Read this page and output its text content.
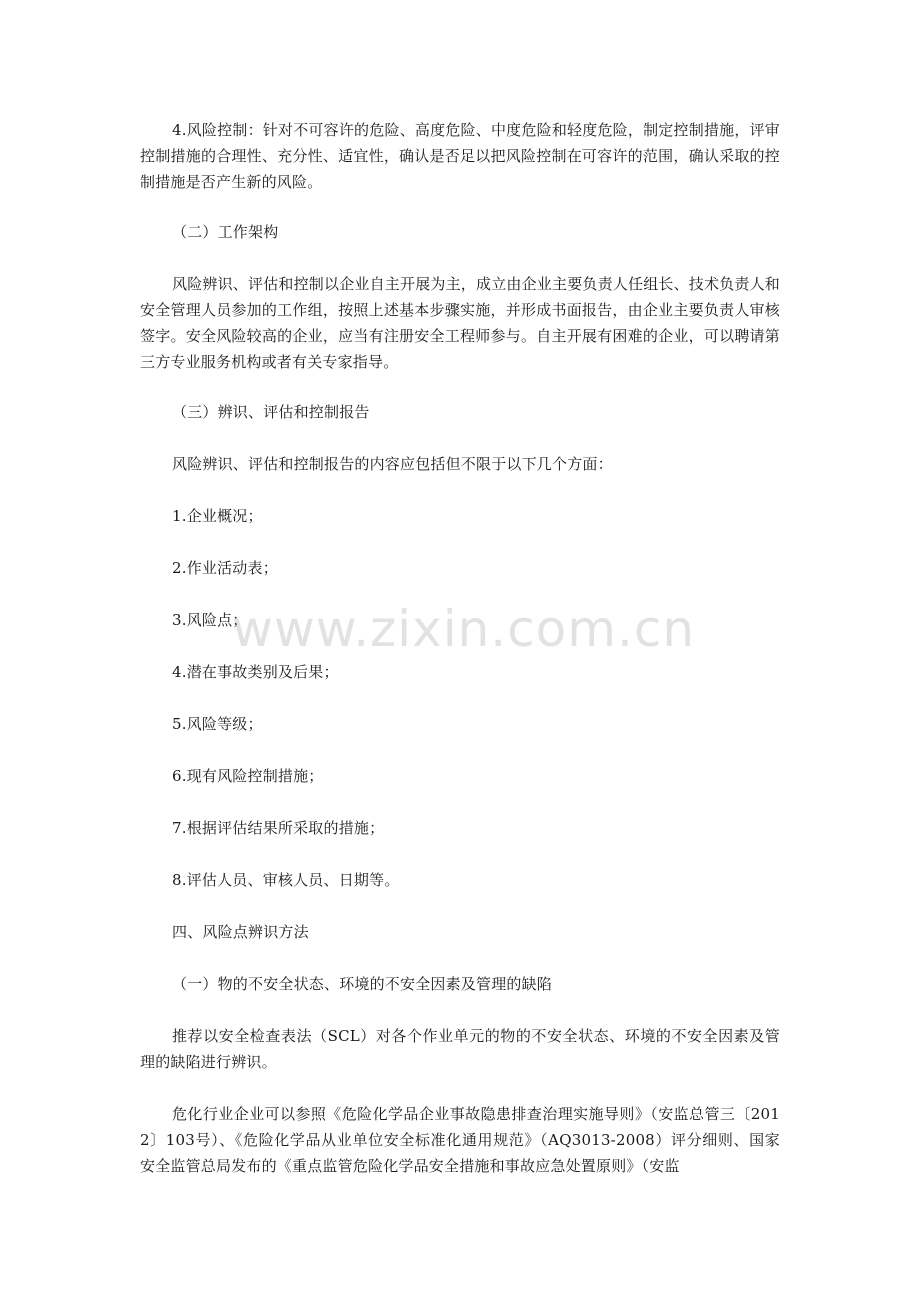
4.风险控制：针对不可容许的危险、高度危险、中度危险和轻度危险，制定控制措施，评审控制措施的合理性、充分性、适宜性，确认是否足以把风险控制在可容许的范围，确认采取的控制措施是否产生新的风险。
（二）工作架构
风险辨识、评估和控制以企业自主开展为主，成立由企业主要负责人任组长、技术负责人和安全管理人员参加的工作组，按照上述基本步骤实施，并形成书面报告，由企业主要负责人审核签字。安全风险较高的企业，应当有注册安全工程师参与。自主开展有困难的企业，可以聘请第三方专业服务机构或者有关专家指导。
（三）辨识、评估和控制报告
风险辨识、评估和控制报告的内容应包括但不限于以下几个方面：
1.企业概况；
2.作业活动表；
3.风险点；
4.潜在事故类别及后果；
5.风险等级；
6.现有风险控制措施；
7.根据评估结果所采取的措施；
8.评估人员、审核人员、日期等。
四、风险点辨识方法
（一）物的不安全状态、环境的不安全因素及管理的缺陷
推荐以安全检查表法（SCL）对各个作业单元的物的不安全状态、环境的不安全因素及管理的缺陷进行辨识。
危化行业企业可以参照《危险化学品企业事故隐患排查治理实施导则》（安监总管三〔2012〕103号）、《危险化学品从业单位安全标准化通用规范》（AQ3013-2008）评分细则、国家安全监管总局发布的《重点监管危险化学品安全措施和事故应急处置原则》（安监
www.zixin.com.cn
